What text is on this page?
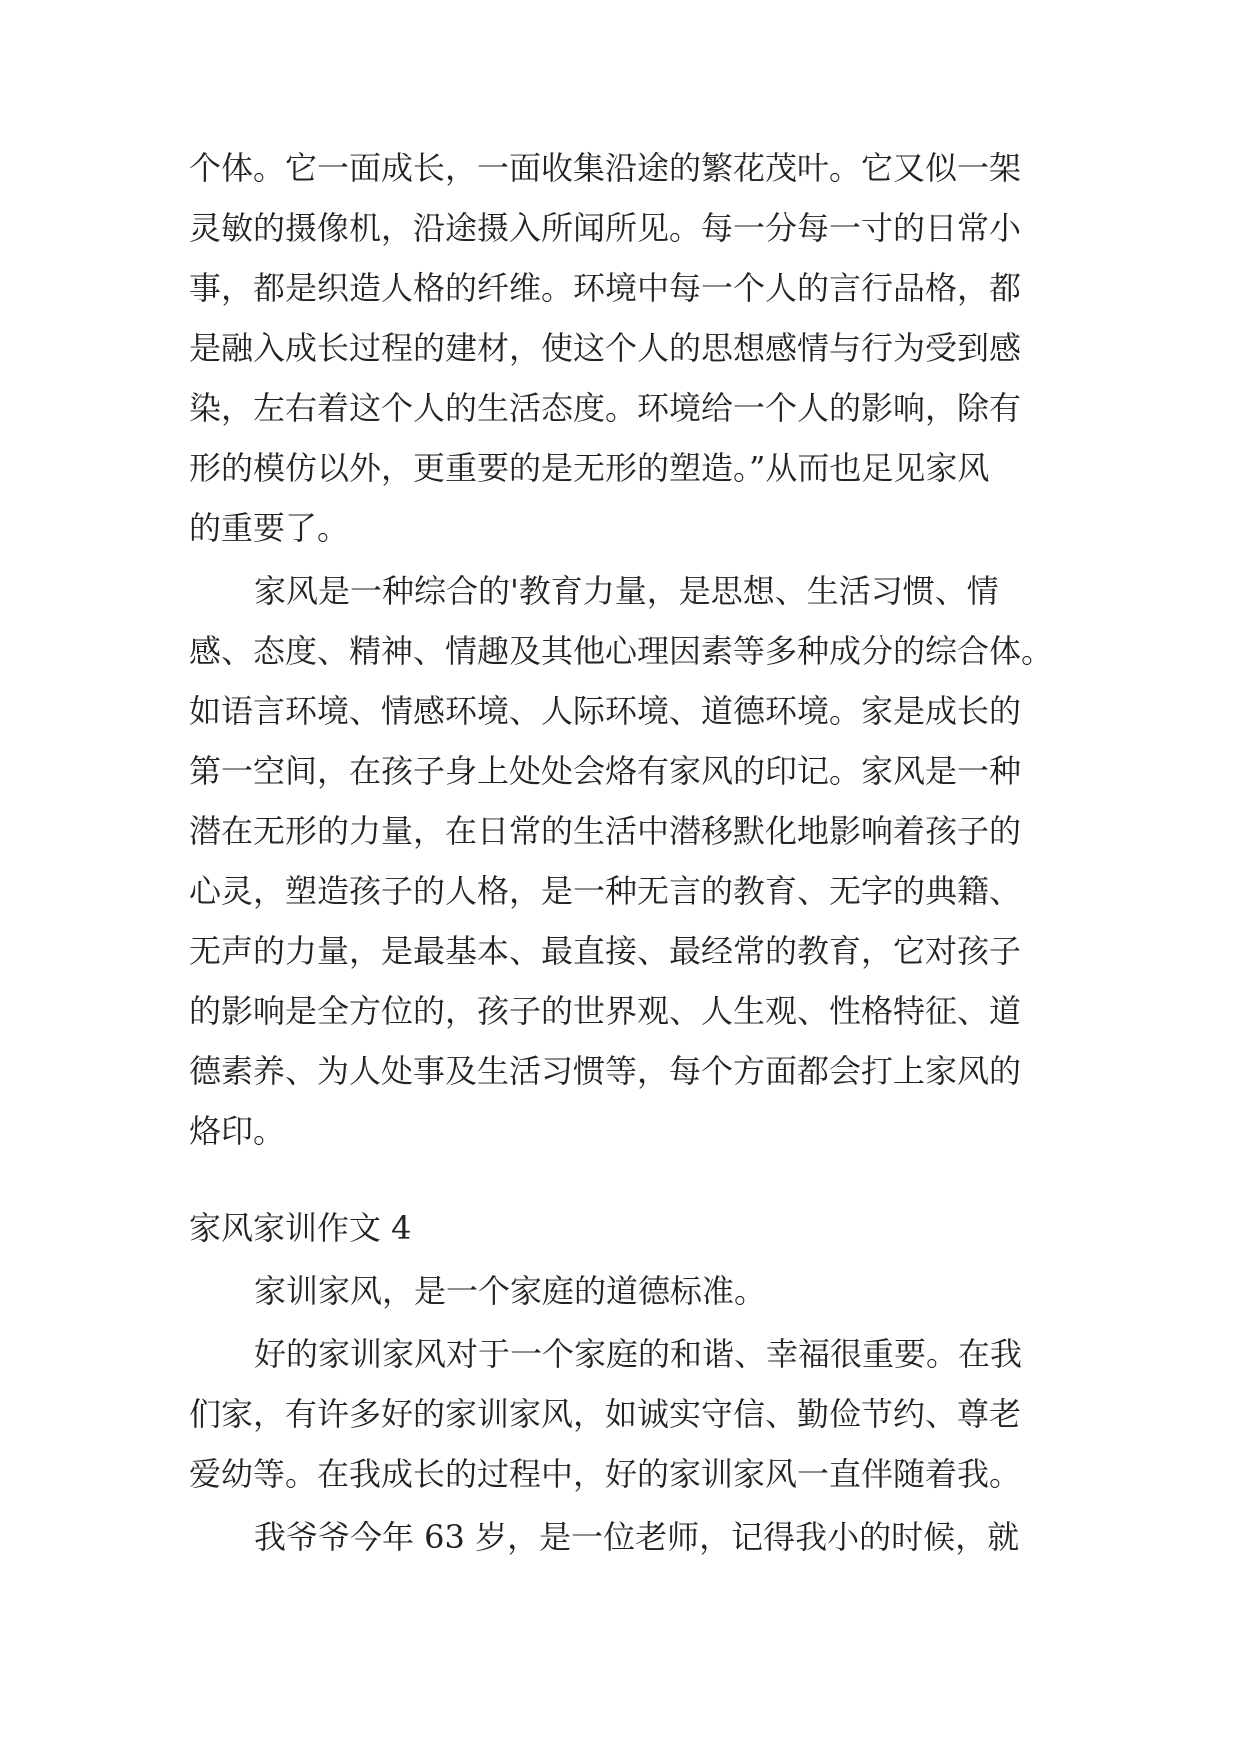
个体。它一面成长，一面收集沿途的繁花茂叶。它又似一架
灵敏的摄像机，沿途摄入所闻所见。每一分每一寸的日常小
事，都是织造人格的纤维。环境中每一个人的言行品格，都
是融入成长过程的建材，使这个人的思想感情与行为受到感
染，左右着这个人的生活态度。环境给一个人的影响，除有
形的模仿以外，更重要的是无形的塑造。”从而也足见家风
的重要了。
家风是一种综合的'教育力量，是思想、生活习惯、情
感、态度、精神、情趣及其他心理因素等多种成分的综合体。
如语言环境、情感环境、人际环境、道德环境。家是成长的
第一空间，在孩子身上处处会烙有家风的印记。家风是一种
潜在无形的力量，在日常的生活中潜移默化地影响着孩子的
心灵，塑造孩子的人格，是一种无言的教育、无字的典籍、
无声的力量，是最基本、最直接、最经常的教育，它对孩子
的影响是全方位的，孩子的世界观、人生观、性格特征、道
德素养、为人处事及生活习惯等，每个方面都会打上家风的
烙印。
家风家训作文 4
家训家风，是一个家庭的道德标准。
好的家训家风对于一个家庭的和谐、幸福很重要。在我
们家，有许多好的家训家风，如诚实守信、勤俭节约、尊老
爱幼等。在我成长的过程中，好的家训家风一直伴随着我。
我爷爷今年 63 岁，是一位老师，记得我小的时候，就
